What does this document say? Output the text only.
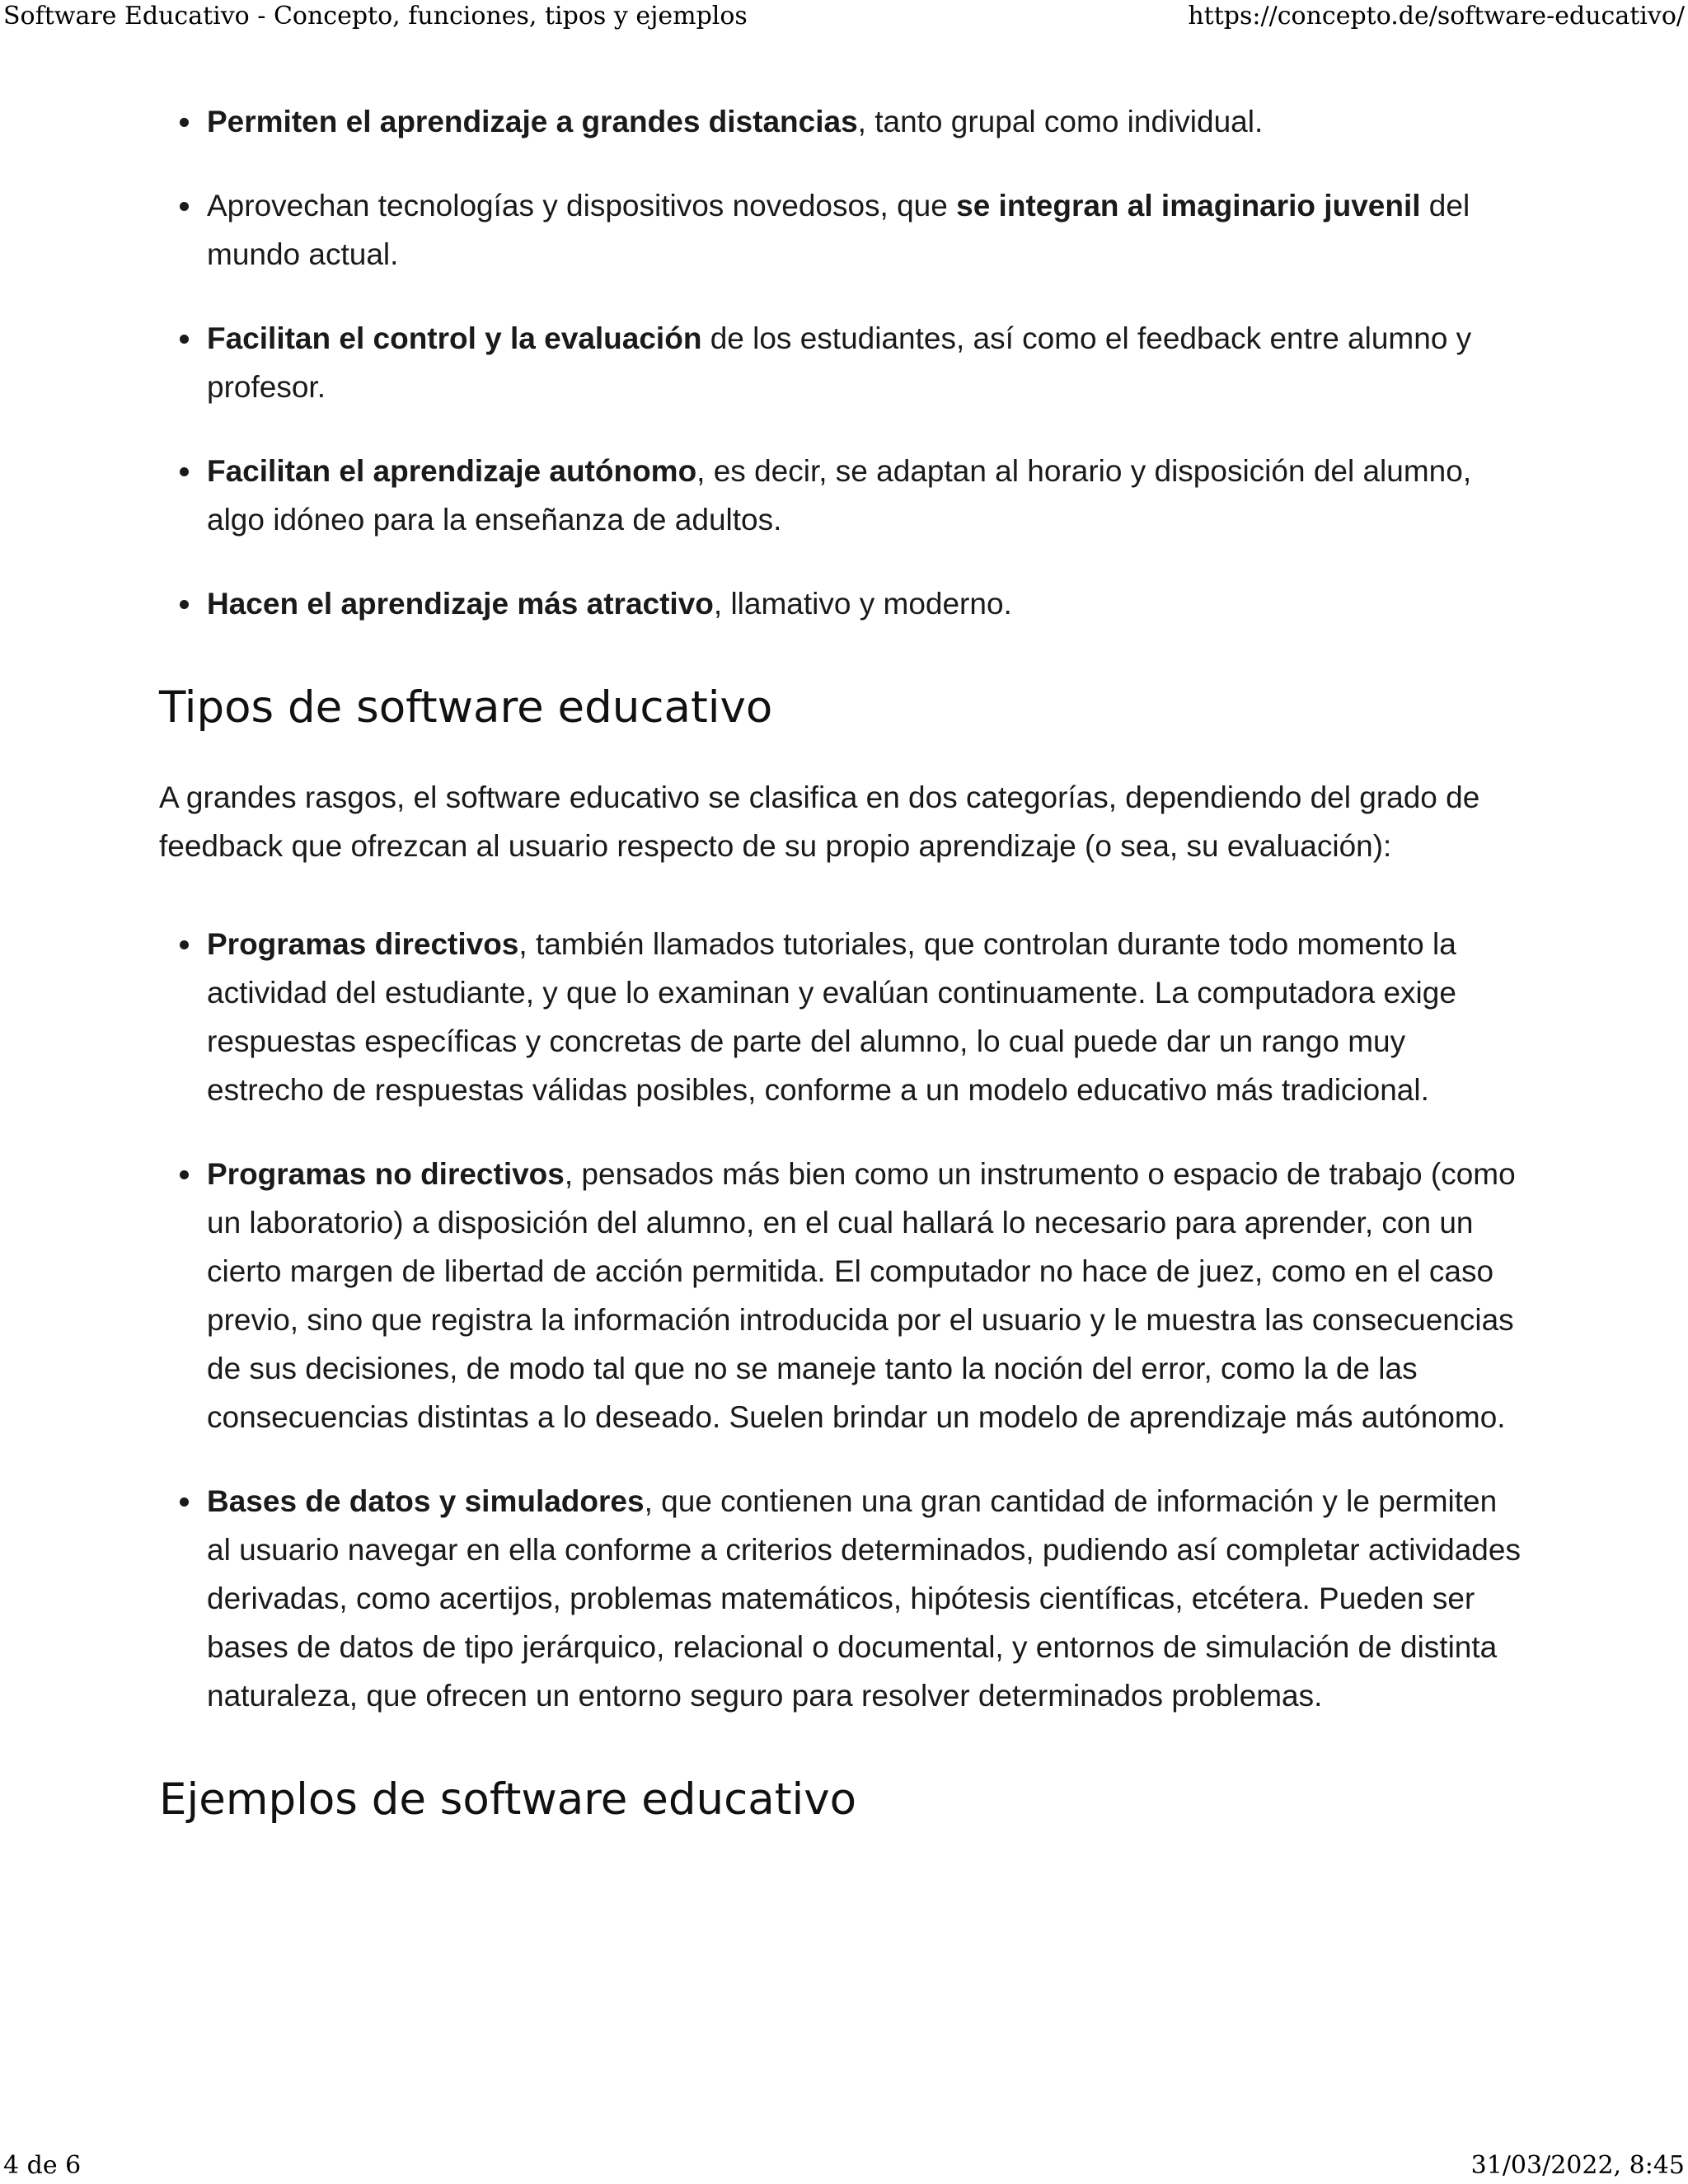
Software Educativo - Concepto, funciones, tipos y ejemplos	https://concepto.de/software-educativo/
Permiten el aprendizaje a grandes distancias, tanto grupal como individual.
Aprovechan tecnologías y dispositivos novedosos, que se integran al imaginario juvenil del mundo actual.
Facilitan el control y la evaluación de los estudiantes, así como el feedback entre alumno y profesor.
Facilitan el aprendizaje autónomo, es decir, se adaptan al horario y disposición del alumno, algo idóneo para la enseñanza de adultos.
Hacen el aprendizaje más atractivo, llamativo y moderno.
Tipos de software educativo

A grandes rasgos, el software educativo se clasifica en dos categorías, dependiendo del grado de feedback que ofrezcan al usuario respecto de su propio aprendizaje (o sea, su evaluación):

Programas directivos, también llamados tutoriales, que controlan durante todo momento la actividad del estudiante, y que lo examinan y evalúan continuamente. La computadora exige respuestas específicas y concretas de parte del alumno, lo cual puede dar un rango muy estrecho de respuestas válidas posibles, conforme a un modelo educativo más tradicional.
Programas no directivos, pensados más bien como un instrumento o espacio de trabajo (como un laboratorio) a disposición del alumno, en el cual hallará lo necesario para aprender, con un cierto margen de libertad de acción permitida. El computador no hace de juez, como en el caso previo, sino que registra la información introducida por el usuario y le muestra las consecuencias de sus decisiones, de modo tal que no se maneje tanto la noción del error, como la de las consecuencias distintas a lo deseado. Suelen brindar un modelo de aprendizaje más autónomo.
Bases de datos y simuladores, que contienen una gran cantidad de información y le permiten al usuario navegar en ella conforme a criterios determinados, pudiendo así completar actividades derivadas, como acertijos, problemas matemáticos, hipótesis científicas, etcétera. Pueden ser bases de datos de tipo jerárquico, relacional o documental, y entornos de simulación de distinta naturaleza, que ofrecen un entorno seguro para resolver determinados problemas.
Ejemplos de software educativo
4 de 6	31/03/2022, 8:45
